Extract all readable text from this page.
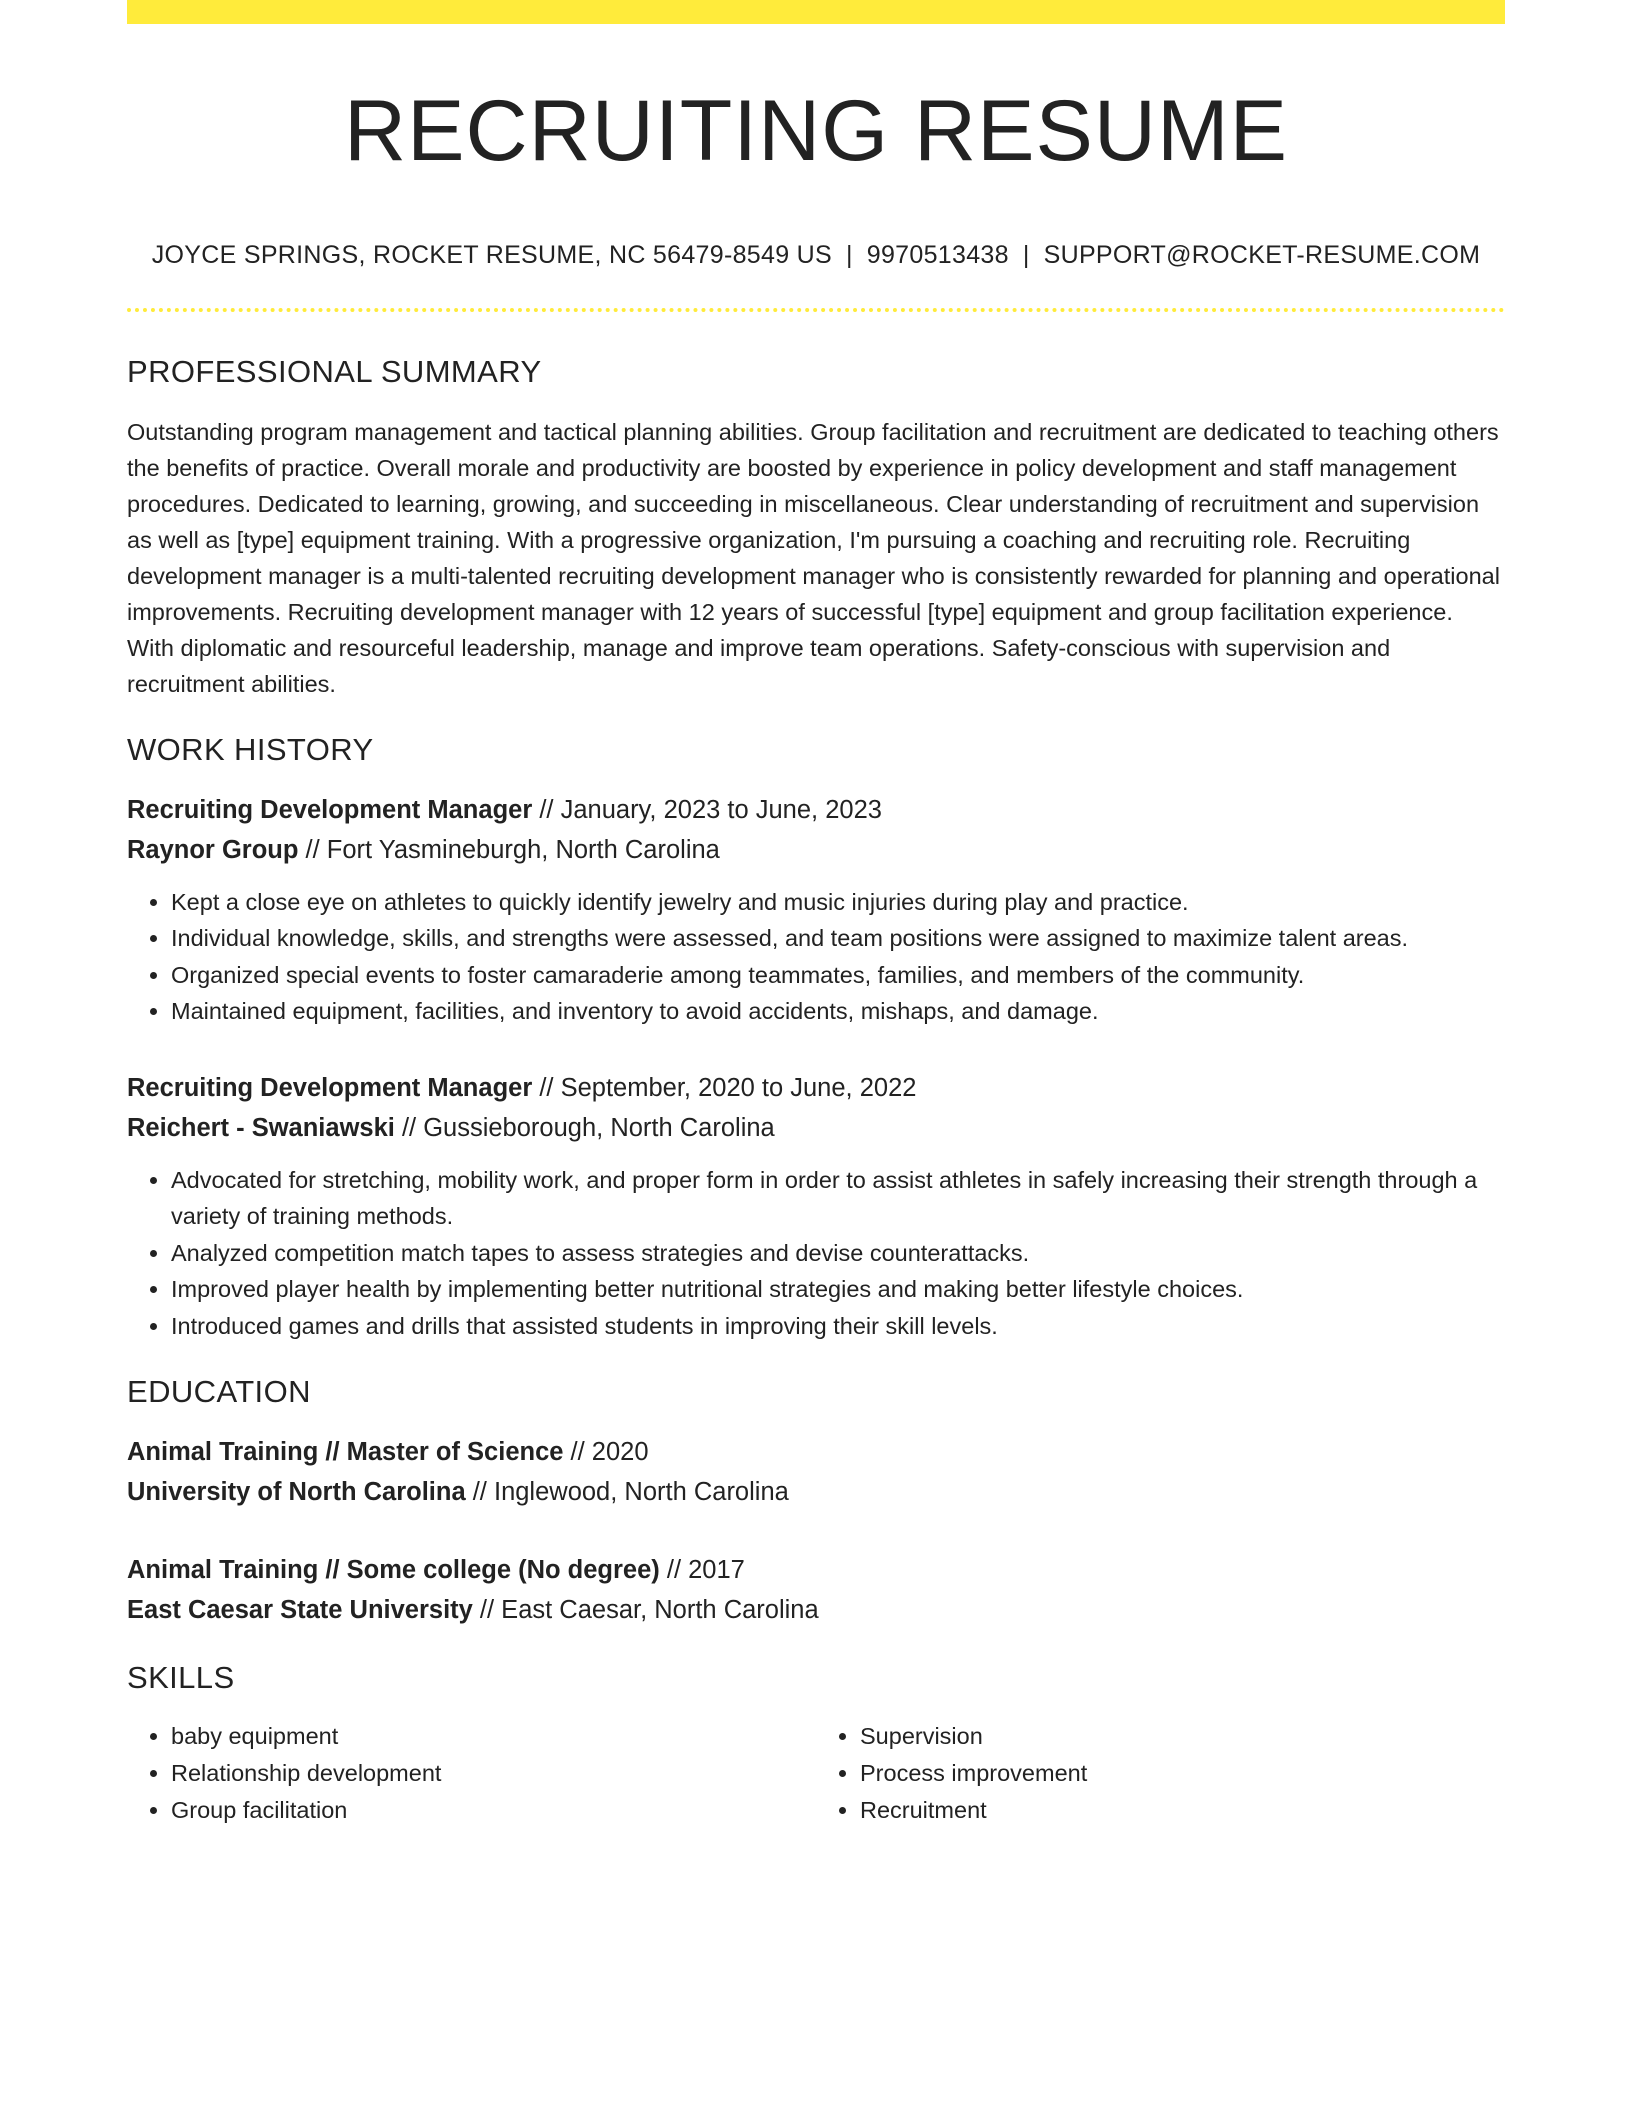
RECRUITING RESUME
JOYCE SPRINGS, ROCKET RESUME, NC 56479-8549 US | 9970513438 | SUPPORT@ROCKET-RESUME.COM
PROFESSIONAL SUMMARY
Outstanding program management and tactical planning abilities. Group facilitation and recruitment are dedicated to teaching others the benefits of practice. Overall morale and productivity are boosted by experience in policy development and staff management procedures. Dedicated to learning, growing, and succeeding in miscellaneous. Clear understanding of recruitment and supervision as well as [type] equipment training. With a progressive organization, I'm pursuing a coaching and recruiting role. Recruiting development manager is a multi-talented recruiting development manager who is consistently rewarded for planning and operational improvements. Recruiting development manager with 12 years of successful [type] equipment and group facilitation experience. With diplomatic and resourceful leadership, manage and improve team operations. Safety-conscious with supervision and recruitment abilities.
WORK HISTORY
Recruiting Development Manager // January, 2023 to June, 2023
Raynor Group // Fort Yasmineburgh, North Carolina
• Kept a close eye on athletes to quickly identify jewelry and music injuries during play and practice.
• Individual knowledge, skills, and strengths were assessed, and team positions were assigned to maximize talent areas.
• Organized special events to foster camaraderie among teammates, families, and members of the community.
• Maintained equipment, facilities, and inventory to avoid accidents, mishaps, and damage.
Recruiting Development Manager // September, 2020 to June, 2022
Reichert - Swaniawski // Gussieborough, North Carolina
• Advocated for stretching, mobility work, and proper form in order to assist athletes in safely increasing their strength through a variety of training methods.
• Analyzed competition match tapes to assess strategies and devise counterattacks.
• Improved player health by implementing better nutritional strategies and making better lifestyle choices.
• Introduced games and drills that assisted students in improving their skill levels.
EDUCATION
Animal Training // Master of Science // 2020
University of North Carolina // Inglewood, North Carolina
Animal Training // Some college (No degree) // 2017
East Caesar State University // East Caesar, North Carolina
SKILLS
• baby equipment
• Relationship development
• Group facilitation
• Supervision
• Process improvement
• Recruitment
